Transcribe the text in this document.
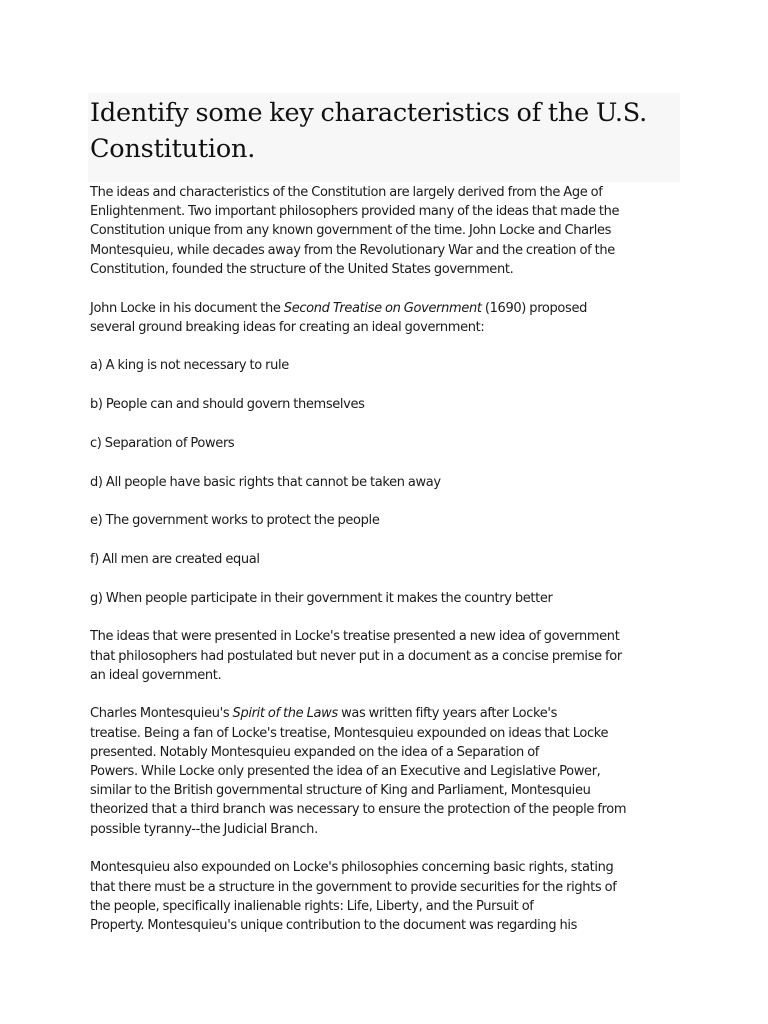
Identify some key characteristics of the U.S.
Constitution.

The ideas and characteristics of the Constitution are largely derived from the Age of

Enlightenment. Two important philosophers provided many of the ideas that made the

Constitution unique from any known government of the time. John Locke and Charles

Montesquieu, while decades away from the Revolutionary War and the creation of the

Constitution, founded the structure of the United States government.

John Locke in his document the Second Treatise on Government (1690) proposed

several ground breaking ideas for creating an ideal government:

a) A king is not necessary to rule

b) People can and should govern themselves

c) Separation of Powers

d) All people have basic rights that cannot be taken away

e) The government works to protect the people

f) All men are created equal

g) When people participate in their government it makes the country better

The ideas that were presented in Locke's treatise presented a new idea of government

that philosophers had postulated but never put in a document as a concise premise for

an ideal government.

Charles Montesquieu's Spirit of the Laws was written fifty years after Locke's

treatise. Being a fan of Locke's treatise, Montesquieu expounded on ideas that Locke

presented. Notably Montesquieu expanded on the idea of a Separation of

Powers. While Locke only presented the idea of an Executive and Legislative Power,

similar to the British governmental structure of King and Parliament, Montesquieu

theorized that a third branch was necessary to ensure the protection of the people from

possible tyranny--the Judicial Branch.

Montesquieu also expounded on Locke's philosophies concerning basic rights, stating

that there must be a structure in the government to provide securities for the rights of

the people, specifically inalienable rights: Life, Liberty, and the Pursuit of

Property. Montesquieu's unique contribution to the document was regarding his
